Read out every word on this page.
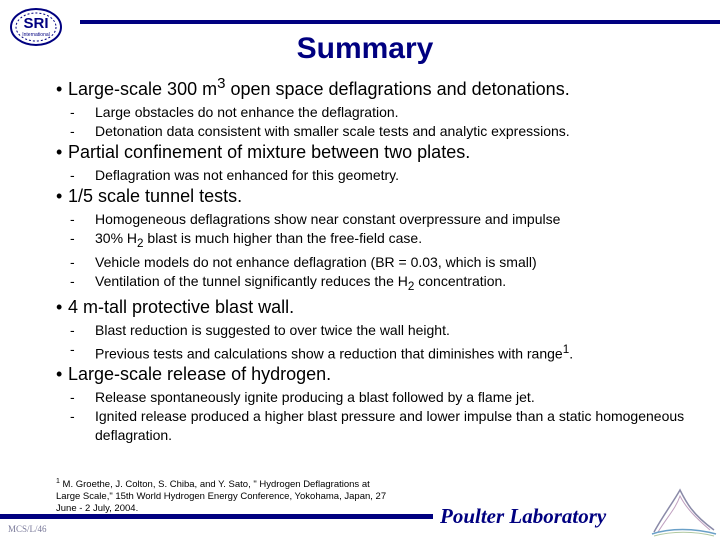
SRI
International	Summary
• Large-scale 300 $m^3$ open space deflagrations and detonations.
-	Large obstacles do not enhance the deflagration.
-	Detonation data consistent with smaller scale tests and analytic expressions.
• Partial confinement of mixture between two plates.
-	Deflagration was not enhanced for this geometry.
• 1/5 scale tunnel tests.
-	Homogeneous deflagrations show near constant overpressure and impulse
-	30% $H_2$ blast is much higher than the free-field case.
-	Vehicle models do not enhance deflagration (BR = 0.03, which is small)
-	Ventilation of the tunnel significantly reduces the $H_2$ concentration.
• 4 m-tall protective blast wall.
-	Blast reduction is suggested to over twice the wall height.
-	Previous tests and calculations show a reduction that diminishes with range$^1$.
• Large-scale release of hydrogen.
-	Release spontaneously ignite producing a blast followed by a flame jet.
-	Ignited release produced a higher blast pressure and lower impulse than a static homogeneous deflagration.
$^1$ M. Groethe, J. Colton, S. Chiba, and Y. Sato, " Hydrogen Deflagrations at Large Scale," 15th World Hydrogen Energy Conference, Yokohama, Japan, 27 June - 2 July, 2004.
MCS/L/46
Poulter Laboratory
